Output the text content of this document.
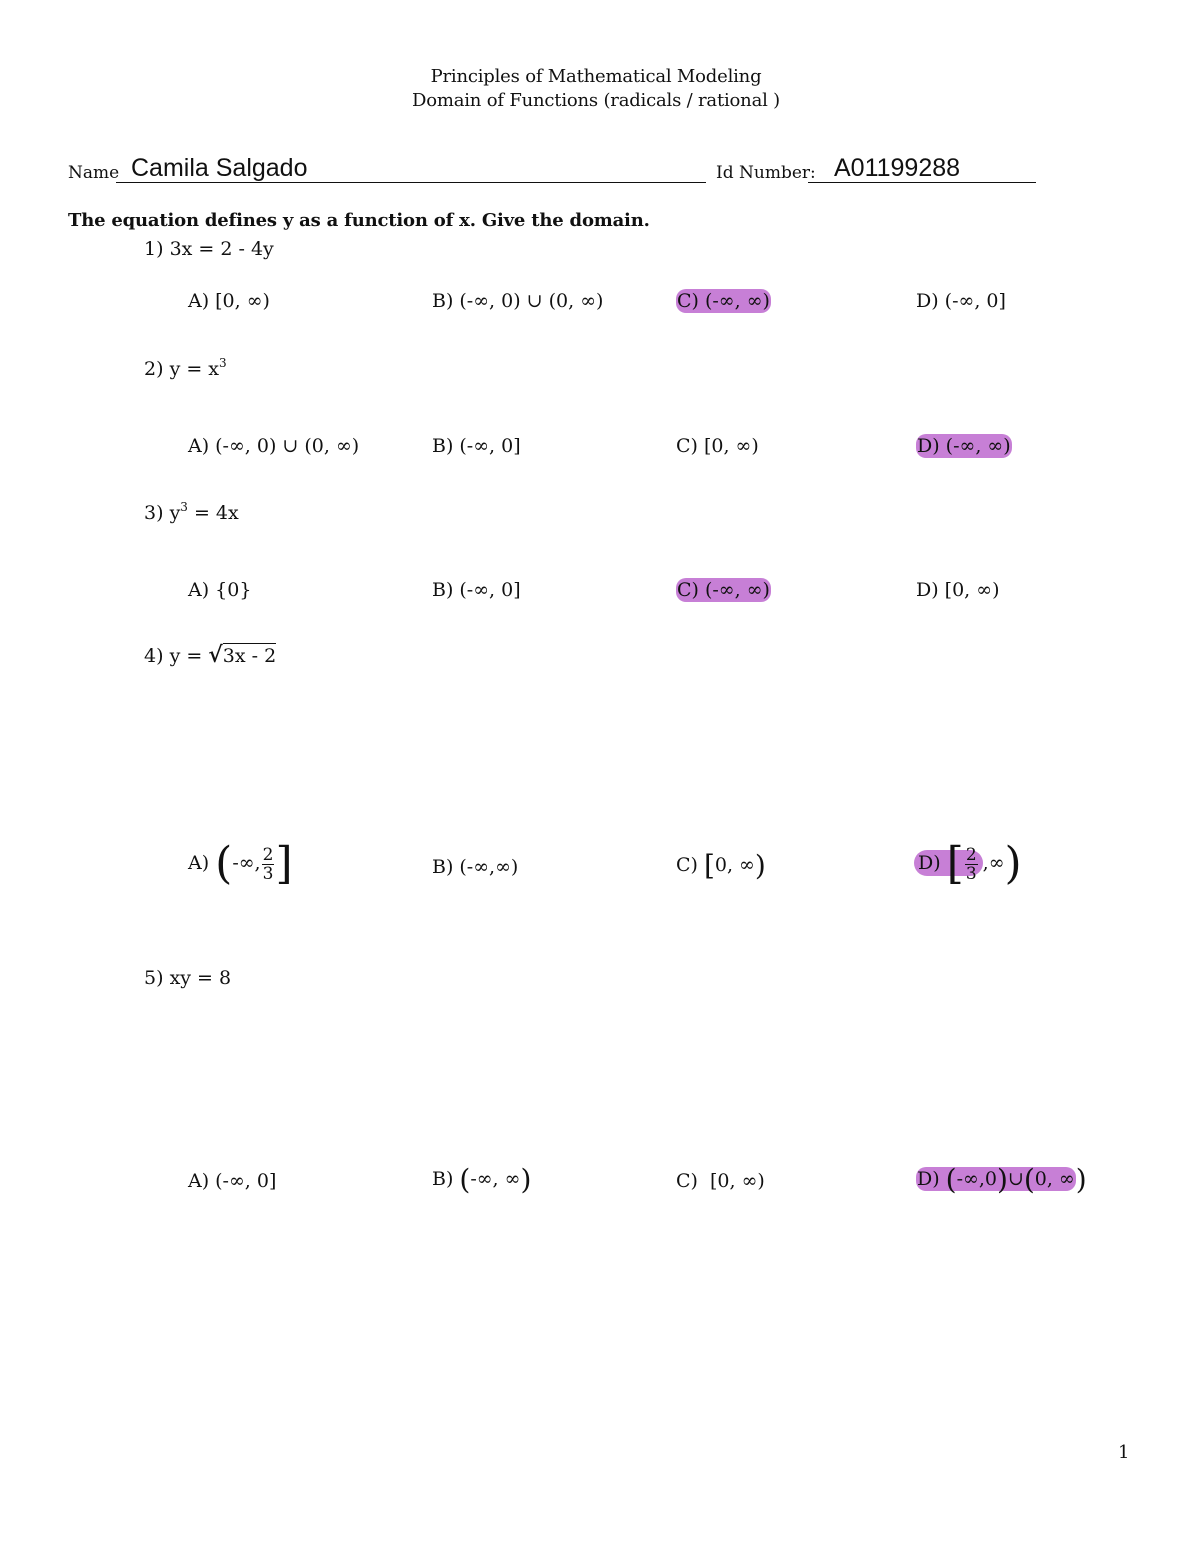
Principles of Mathematical Modeling
Domain of Functions (radicals / rational )
Name Camila Salgado	Id Number: A01199288
The equation defines y as a function of x. Give the domain.
1) 3x = 2 - 4y
A) [0, ∞)	B) (-∞, 0) ∪ (0, ∞)	C) (-∞, ∞)	D) (-∞, 0]
2) $y = x^3$
A) (-∞, 0) ∪ (0, ∞)	B) (-∞, 0]	C) [0, ∞)	D) (-∞, ∞)
3) $y^3 = 4x$
A) {0}	B) (-∞, 0]	C) (-∞, ∞)	D) [0, ∞)
4) y = √3x - 2
A) (-∞, $\frac{2}{3}$ ]	B) (-∞,∞)	C) [0, ∞)	D) [ $\frac{2}{3}$ ,∞)
5) xy = 8
A) (-∞, 0]	B) (-∞, ∞)	C) [0, ∞)	D) (-∞,0)∪(0, ∞)
1
